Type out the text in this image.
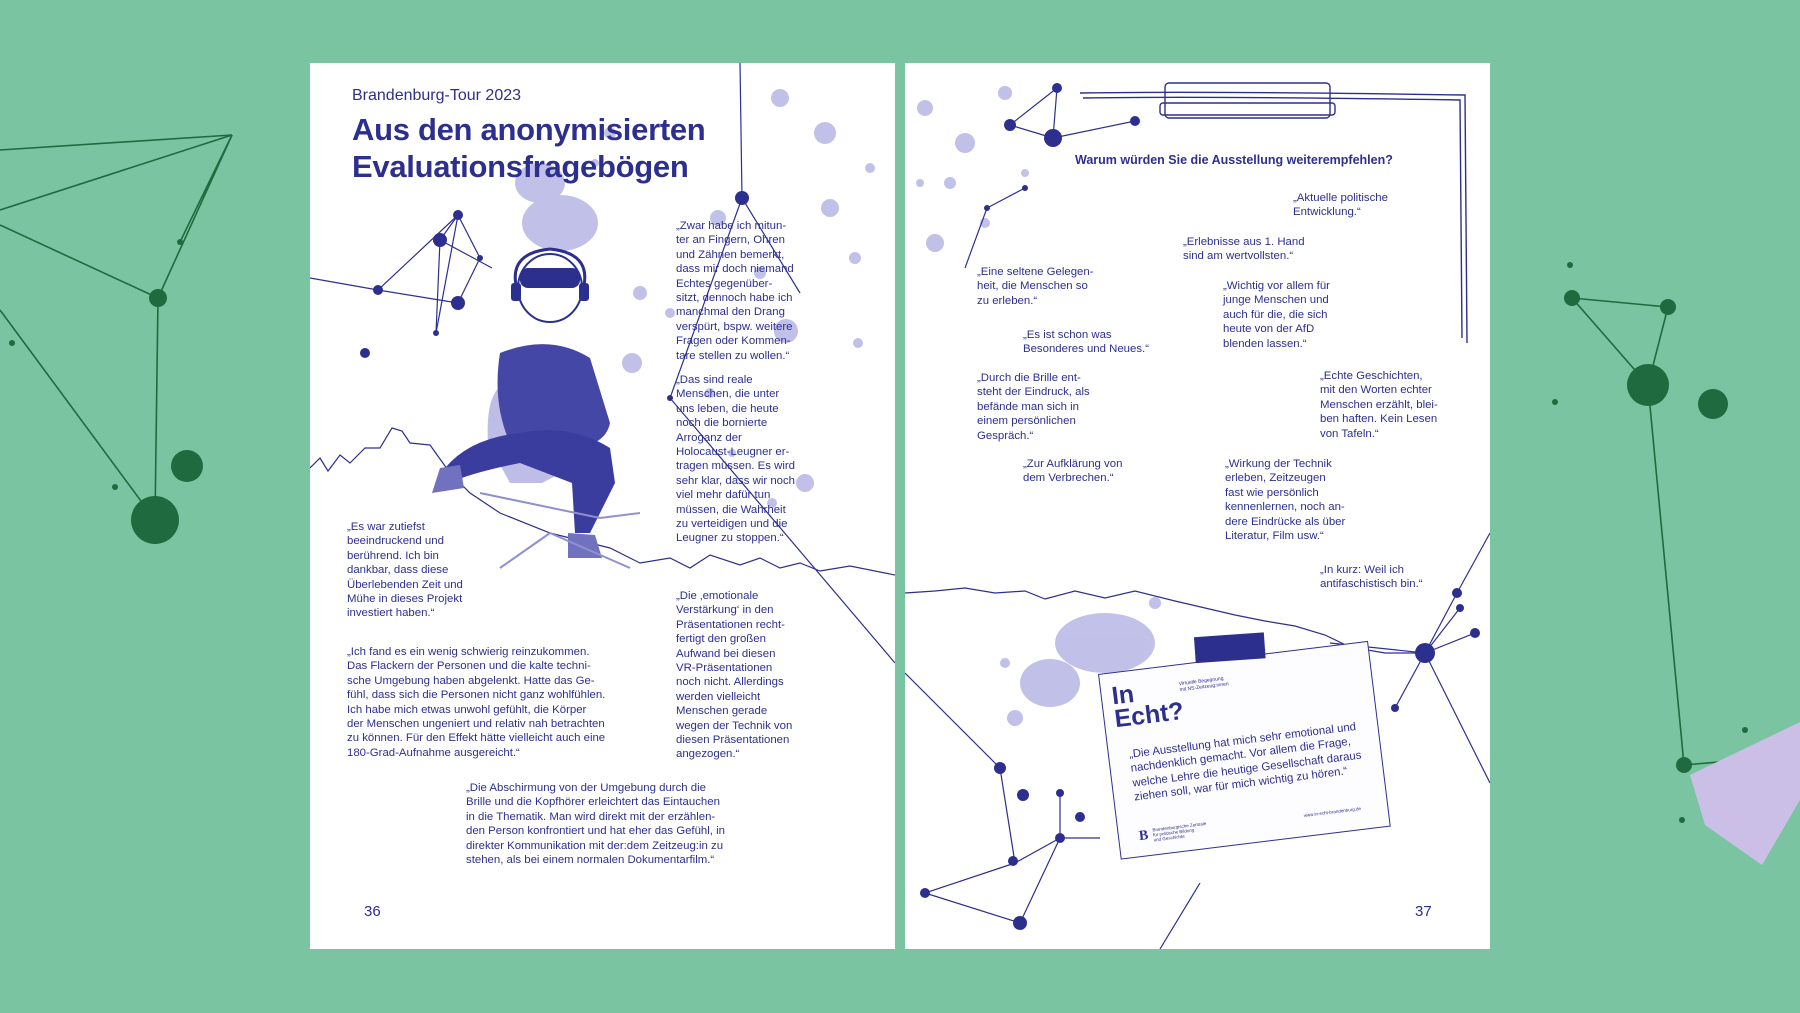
Brandenburg-Tour 2023
Aus den anonymisierten
Evaluationsfragebögen

„Zwar habe ich mitun-
ter an Fingern, Ohren
und Zähnen bemerkt,
dass mir doch niemand
Echtes gegenüber-
sitzt, dennoch habe ich
manchmal den Drang
verspürt, bspw. weitere
Fragen oder Kommen-
tare stellen zu wollen.“

„Das sind reale
Menschen, die unter
uns leben, die heute
noch die bornierte
Arroganz der
Holocaust-Leugner er-
tragen müssen. Es wird
sehr klar, dass wir noch
viel mehr dafür tun
müssen, die Wahrheit
zu verteidigen und die
Leugner zu stoppen.“

„Es war zutiefst
beeindruckend und
berührend. Ich bin
dankbar, dass diese
Überlebenden Zeit und
Mühe in dieses Projekt
investiert haben.“

„Die ‚emotionale
Verstärkung‘ in den
Präsentationen recht-
fertigt den großen
Aufwand bei diesen
VR-Präsentationen
noch nicht. Allerdings
werden vielleicht
Menschen gerade
wegen der Technik von
diesen Präsentationen
angezogen.“

„Ich fand es ein wenig schwierig reinzukommen.
Das Flackern der Personen und die kalte techni-
sche Umgebung haben abgelenkt. Hatte das Ge-
fühl, dass sich die Personen nicht ganz wohlfühlen.
Ich habe mich etwas unwohl gefühlt, die Körper
der Menschen ungeniert und relativ nah betrachten
zu können. Für den Effekt hätte vielleicht auch eine
180-Grad-Aufnahme ausgereicht.“

„Die Abschirmung von der Umgebung durch die
Brille und die Kopfhörer erleichtert das Eintauchen
in die Thematik. Man wird direkt mit der erzählen-
den Person konfrontiert und hat eher das Gefühl, in
direkter Kommunikation mit der:dem Zeitzeug:in zu
stehen, als bei einem normalen Dokumentarfilm.“

36
Warum würden Sie die Ausstellung weiterempfehlen?

„Aktuelle politische
Entwicklung.“

„Erlebnisse aus 1. Hand
sind am wertvollsten.“

„Eine seltene Gelegen-
heit, die Menschen so
zu erleben.“

„Wichtig vor allem für
junge Menschen und
auch für die, die sich
heute von der AfD
blenden lassen.“

„Es ist schon was
Besonderes und Neues.“

„Durch die Brille ent-
steht der Eindruck, als
befände man sich in
einem persönlichen
Gespräch.“

„Echte Geschichten,
mit den Worten echter
Menschen erzählt, blei-
ben haften. Kein Lesen
von Tafeln.“

„Zur Aufklärung von
dem Verbrechen.“

„Wirkung der Technik
erleben, Zeitzeugen
fast wie persönlich
kennenlernen, noch an-
dere Eindrücke als über
Literatur, Film usw.“

„In kurz: Weil ich
antifaschistisch bin.“

In
Echt?
Virtuelle Begegnung
mit NS-Zeitzeug:innen

„Die Ausstellung hat mich sehr emotional und nachdenklich gemacht. Vor allem die Frage, welche Lehre die heutige Gesellschaft daraus ziehen soll, war für mich wichtig zu hören.“

B
Brandenburgische Zentrale
für politische Bildung
und Geschichte
www.in-echt-brandenburg.de
37
